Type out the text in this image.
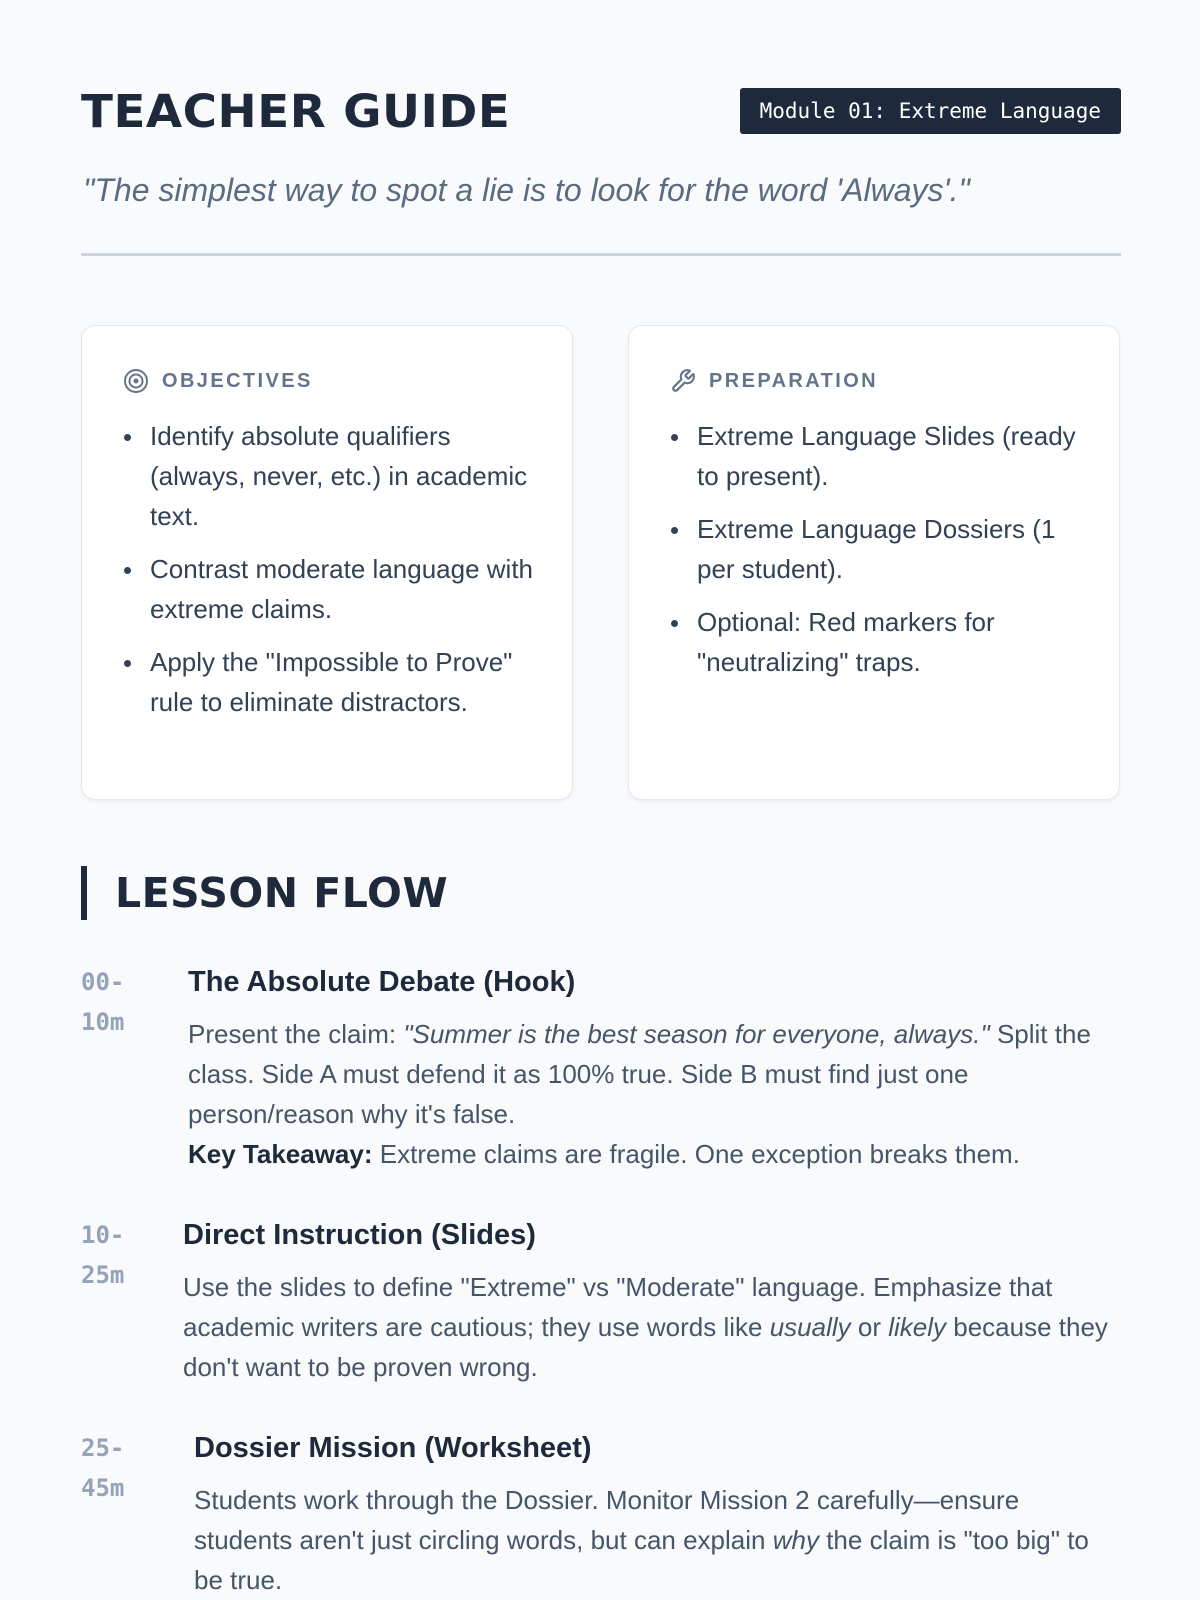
TEACHER GUIDE	Module 01: Extreme Language
"The simplest way to spot a lie is to look for the word 'Always'."
OBJECTIVES
Identify absolute qualifiers (always, never, etc.) in academic text.
Contrast moderate language with extreme claims.
Apply the "Impossible to Prove" rule to eliminate distractors.
PREPARATION
Extreme Language Slides (ready to present).
Extreme Language Dossiers (1 per student).
Optional: Red markers for "neutralizing" traps.
LESSON FLOW
00-
10m
The Absolute Debate (Hook)

Present the claim: "Summer is the best season for everyone, always." Split the class. Side A must defend it as 100% true. Side B must find just one person/reason why it's false.

Key Takeaway: Extreme claims are fragile. One exception breaks them.

10-
25m
Direct Instruction (Slides)

Use the slides to define "Extreme" vs "Moderate" language. Emphasize that academic writers are cautious; they use words like usually or likely because they don't want to be proven wrong.

25-
45m
Dossier Mission (Worksheet)

Students work through the Dossier. Monitor Mission 2 carefully—ensure students aren't just circling words, but can explain why the claim is "too big" to be true.
